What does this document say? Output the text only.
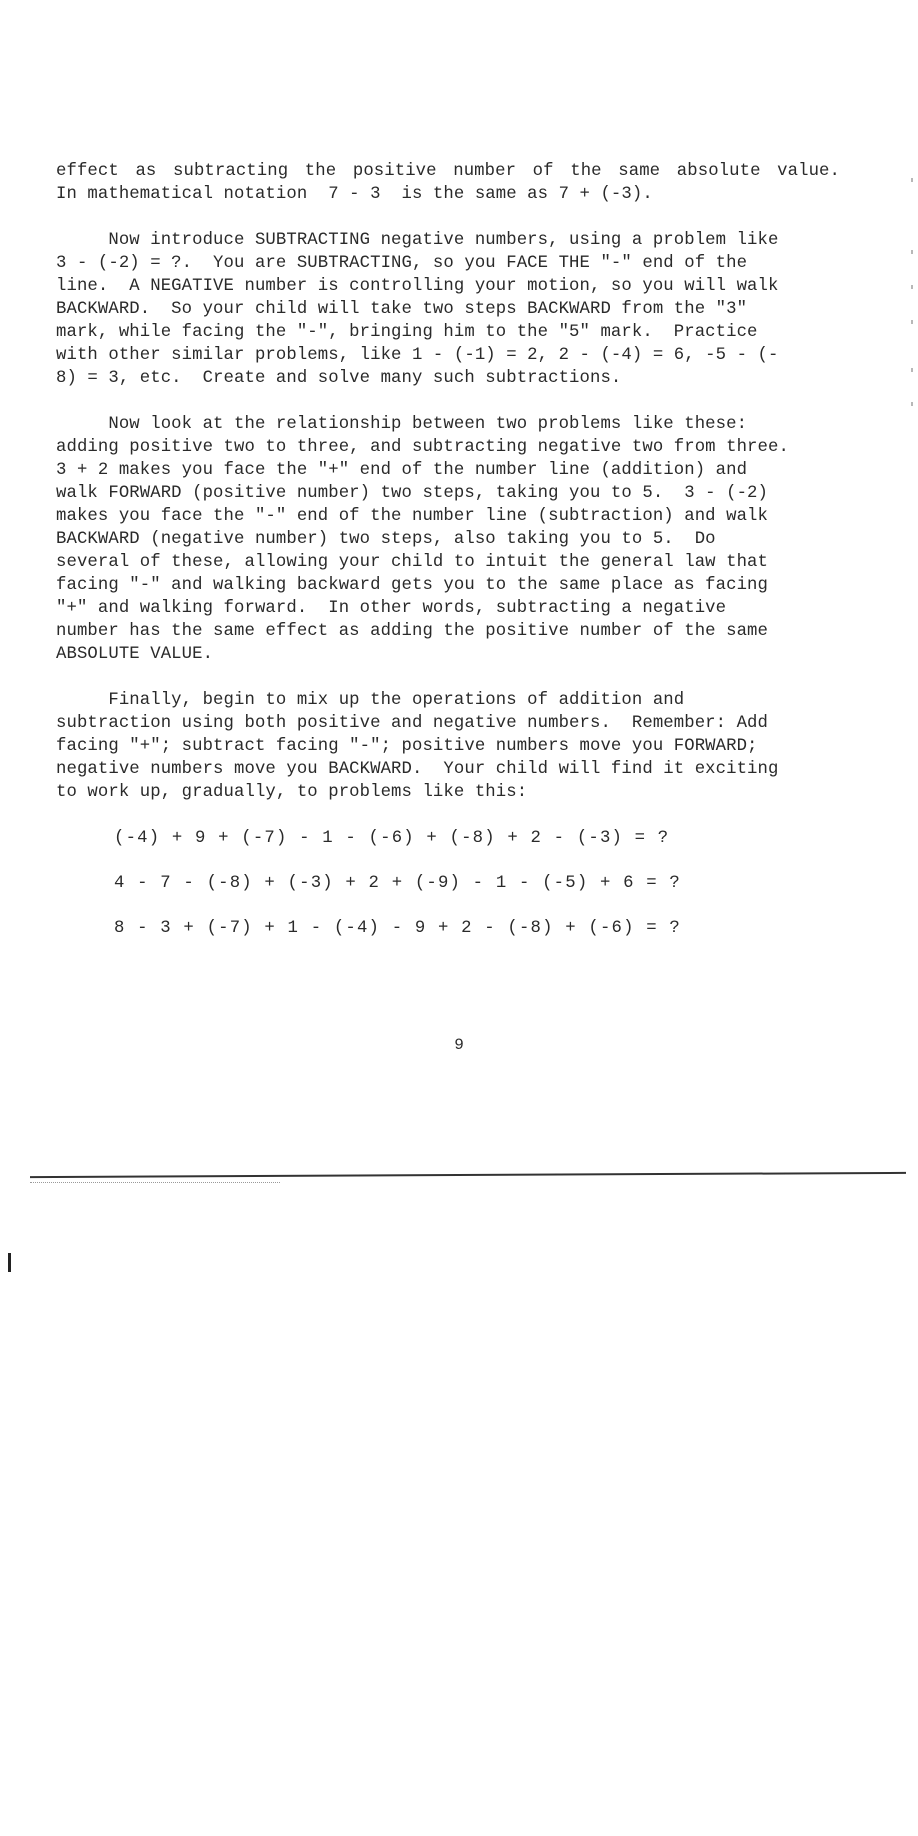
effect as subtracting the positive number of the same absolute value.
In mathematical notation  7 - 3  is the same as 7 + (-3).
Now introduce SUBTRACTING negative numbers, using a problem like
3 - (-2) = ?.  You are SUBTRACTING, so you FACE THE "-" end of the
line.  A NEGATIVE number is controlling your motion, so you will walk
BACKWARD.  So your child will take two steps BACKWARD from the "3"
mark, while facing the "-", bringing him to the "5" mark.  Practice
with other similar problems, like 1 - (-1) = 2, 2 - (-4) = 6, -5 - (-
8) = 3, etc.  Create and solve many such subtractions.
Now look at the relationship between two problems like these:
adding positive two to three, and subtracting negative two from three.
3 + 2 makes you face the "+" end of the number line (addition) and
walk FORWARD (positive number) two steps, taking you to 5.  3 - (-2)
makes you face the "-" end of the number line (subtraction) and walk
BACKWARD (negative number) two steps, also taking you to 5.  Do
several of these, allowing your child to intuit the general law that
facing "-" and walking backward gets you to the same place as facing
"+" and walking forward.  In other words, subtracting a negative
number has the same effect as adding the positive number of the same
ABSOLUTE VALUE.
Finally, begin to mix up the operations of addition and
subtraction using both positive and negative numbers.  Remember: Add
facing "+"; subtract facing "-"; positive numbers move you FORWARD;
negative numbers move you BACKWARD.  Your child will find it exciting
to work up, gradually, to problems like this:
(-4) + 9 + (-7) - 1 - (-6) + (-8) + 2 - (-3) = ?
4 - 7 - (-8) + (-3) + 2 + (-9) - 1 - (-5) + 6 = ?
8 - 3 + (-7) + 1 - (-4) - 9 + 2 - (-8) + (-6) = ?
9
